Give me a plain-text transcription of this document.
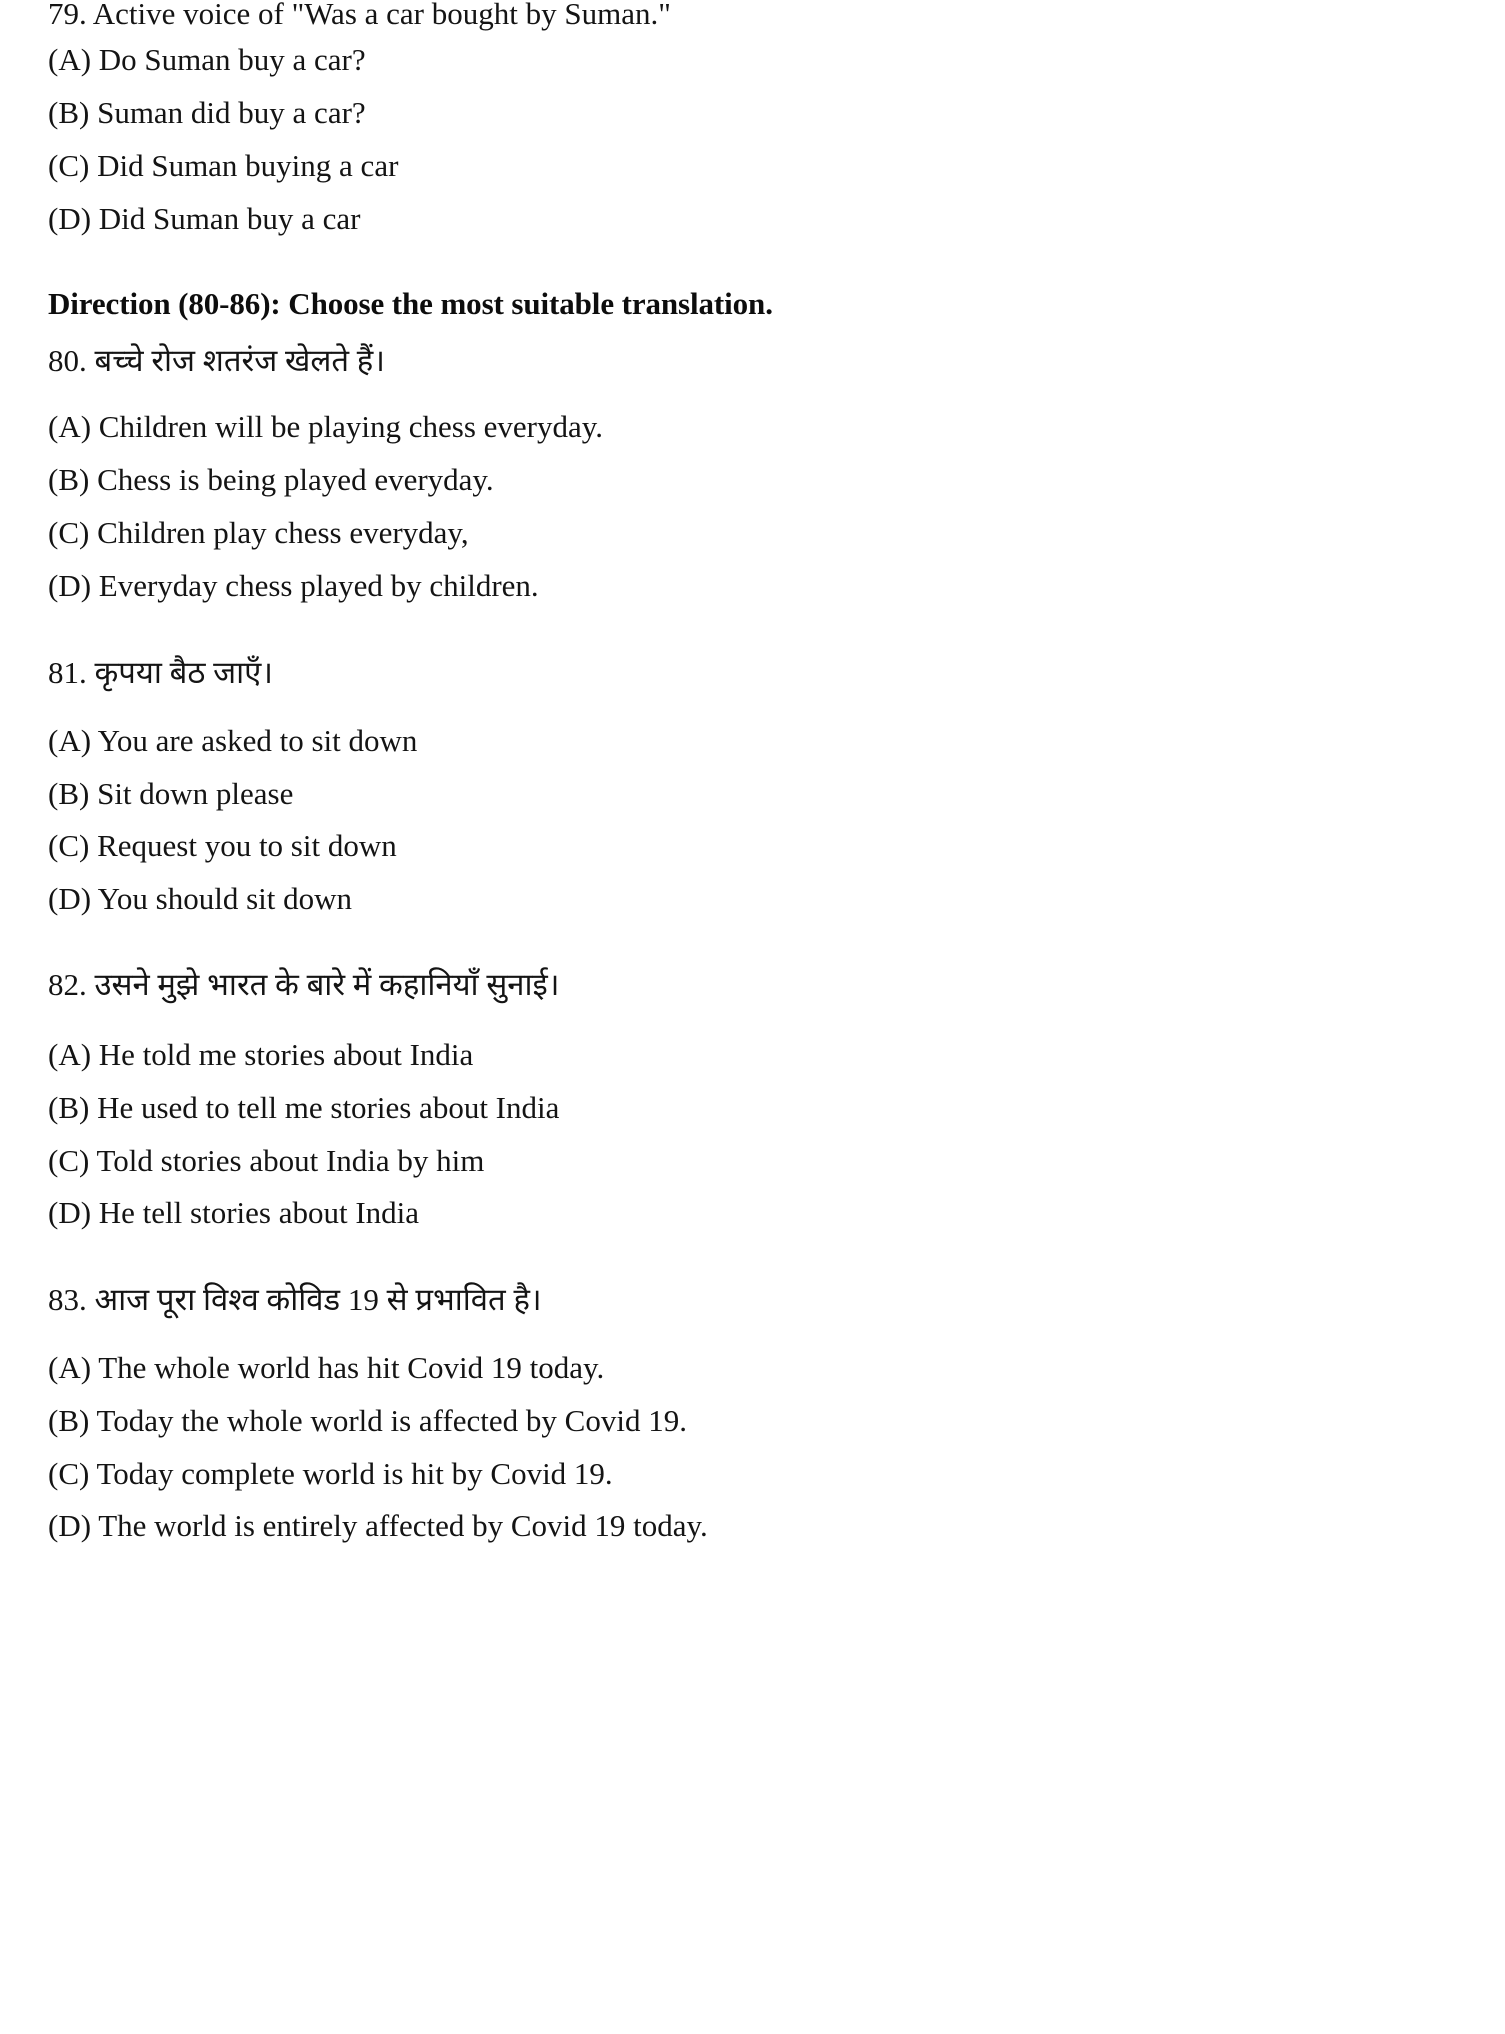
79. Active voice of "Was a car bought by Suman."
(A) Do Suman buy a car?
(B) Suman did buy a car?
(C) Did Suman buying a car
(D) Did Suman buy a car
Direction (80-86): Choose the most suitable translation.
80. बच्चे रोज शतरंज खेलते हैं।
(A) Children will be playing chess everyday.
(B) Chess is being played everyday.
(C) Children play chess everyday,
(D) Everyday chess played by children.
81. कृपया बैठ जाएँ।
(A) You are asked to sit down
(B) Sit down please
(C) Request you to sit down
(D) You should sit down
82. उसने मुझे भारत के बारे में कहानियाँ सुनाई।
(A) He told me stories about India
(B) He used to tell me stories about India
(C) Told stories about India by him
(D) He tell stories about India
83. आज पूरा विश्व कोविड 19 से प्रभावित है।
(A) The whole world has hit Covid 19 today.
(B) Today the whole world is affected by Covid 19.
(C) Today complete world is hit by Covid 19.
(D) The world is entirely affected by Covid 19 today.
